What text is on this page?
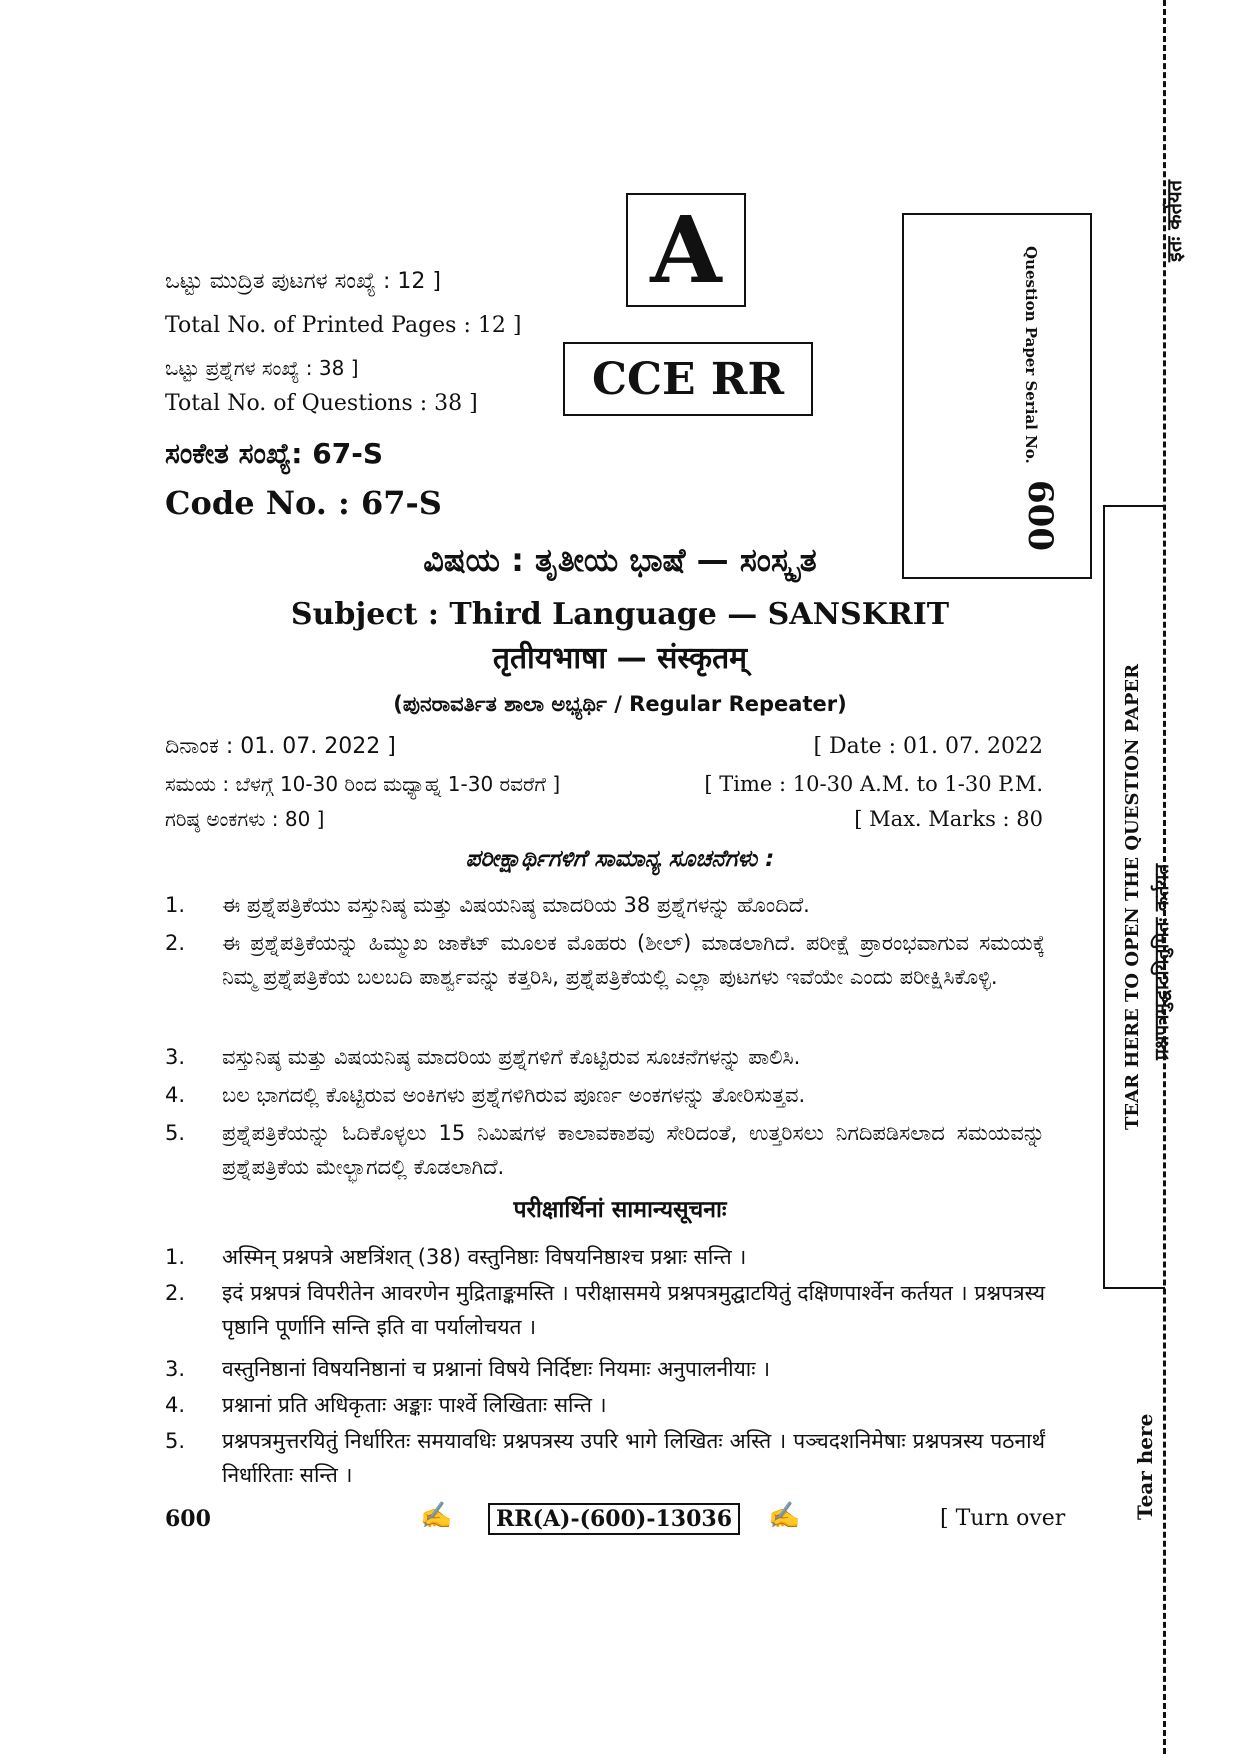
इतः कर्तयत
TEAR HERE TO OPEN THE QUESTION PAPER प्रश्नपत्रमुद्घाटयितुमितः कर्तयत
Tear here
ಒಟ್ಟು ಮುದ್ರಿತ ಪುಟಗಳ ಸಂಖ್ಯೆ : 12 ]
Total No. of Printed Pages : 12 ]
ಒಟ್ಟು ಪ್ರಶ್ನೆಗಳ ಸಂಖ್ಯೆ : 38 ]
Total No. of Questions : 38 ]
ಸಂಕೇತ ಸಂಖ್ಯೆ: 67-S
Code No. : 67-S
A
CCE RR	Question Paper Serial No.
600
ವಿಷಯ : ತೃತೀಯ ಭಾಷೆ — ಸಂಸ್ಕೃತ
Subject : Third Language — SANSKRIT
तृतीयभाषा — संस्कृतम्
(ಪುನರಾವರ್ತಿತ ಶಾಲಾ ಅಭ್ಯರ್ಥಿ / Regular Repeater)
ದಿನಾಂಕ : 01. 07. 2022 ]	[ Date : 01. 07. 2022
ಸಮಯ : ಬೆಳಗ್ಗೆ 10-30 ರಿಂದ ಮಧ್ಯಾಹ್ನ 1-30 ರವರೆಗೆ ]	[ Time : 10-30 A.M. to 1-30 P.M.
ಗರಿಷ್ಠ ಅಂಕಗಳು : 80 ]	[ Max. Marks : 80
ಪರೀಕ್ಷಾರ್ಥಿಗಳಿಗೆ ಸಾಮಾನ್ಯ ಸೂಚನೆಗಳು :
1. ಈ ಪ್ರಶ್ನೆಪತ್ರಿಕೆಯು ವಸ್ತುನಿಷ್ಠ ಮತ್ತು ವಿಷಯನಿಷ್ಠ ಮಾದರಿಯ 38 ಪ್ರಶ್ನೆಗಳನ್ನು ಹೊಂದಿದೆ.
2. ಈ ಪ್ರಶ್ನೆಪತ್ರಿಕೆಯನ್ನು ಹಿಮ್ಮುಖ ಜಾಕೆಟ್ ಮೂಲಕ ಮೊಹರು (ಶೀಲ್) ಮಾಡಲಾಗಿದೆ. ಪರೀಕ್ಷೆ ಪ್ರಾರಂಭವಾಗುವ ಸಮಯಕ್ಕೆ ನಿಮ್ಮ ಪ್ರಶ್ನೆಪತ್ರಿಕೆಯ ಬಲಬದಿ ಪಾರ್ಶ್ವವನ್ನು ಕತ್ತರಿಸಿ, ಪ್ರಶ್ನೆಪತ್ರಿಕೆಯಲ್ಲಿ ಎಲ್ಲಾ ಪುಟಗಳು ಇವೆಯೇ ಎಂದು ಪರೀಕ್ಷಿಸಿಕೊಳ್ಳಿ.
3. ವಸ್ತುನಿಷ್ಠ ಮತ್ತು ವಿಷಯನಿಷ್ಠ ಮಾದರಿಯ ಪ್ರಶ್ನೆಗಳಿಗೆ ಕೊಟ್ಟಿರುವ ಸೂಚನೆಗಳನ್ನು ಪಾಲಿಸಿ.
4. ಬಲ ಭಾಗದಲ್ಲಿ ಕೊಟ್ಟಿರುವ ಅಂಕಿಗಳು ಪ್ರಶ್ನೆಗಳಿಗಿರುವ ಪೂರ್ಣ ಅಂಕಗಳನ್ನು ತೋರಿಸುತ್ತವ.
5. ಪ್ರಶ್ನೆಪತ್ರಿಕೆಯನ್ನು ಓದಿಕೊಳ್ಳಲು 15 ನಿಮಿಷಗಳ ಕಾಲಾವಕಾಶವು ಸೇರಿದಂತೆ, ಉತ್ತರಿಸಲು ನಿಗದಿಪಡಿಸಲಾದ ಸಮಯವನ್ನು ಪ್ರಶ್ನೆಪತ್ರಿಕೆಯ ಮೇಲ್ಭಾಗದಲ್ಲಿ ಕೊಡಲಾಗಿದೆ.
परीक्षार्थिनां सामान्यसूचनाः
1. अस्मिन् प्रश्नपत्रे अष्टत्रिंशत् (38) वस्तुनिष्ठाः विषयनिष्ठाश्च प्रश्नाः सन्ति ।
2. इदं प्रश्नपत्रं विपरीतेन आवरणेन मुद्रिताङ्कमस्ति । परीक्षासमये प्रश्नपत्रमुद्घाटयितुं दक्षिणपार्श्वेन कर्तयत । प्रश्नपत्रस्य पृष्ठानि पूर्णानि सन्ति इति वा पर्यालोचयत ।
3. वस्तुनिष्ठानां विषयनिष्ठानां च प्रश्नानां विषये निर्दिष्टाः नियमाः अनुपालनीयाः ।
4. प्रश्नानां प्रति अधिकृताः अङ्काः पार्श्वे लिखिताः सन्ति ।
5. प्रश्नपत्रमुत्तरयितुं निर्धारितः समयावधिः प्रश्नपत्रस्य उपरि भागे लिखितः अस्ति । पञ्चदशनिमेषाः प्रश्नपत्रस्य पठनार्थं निर्धारिताः सन्ति ।
600	✍	RR(A)-(600)-13036	✍	[ Turn over
